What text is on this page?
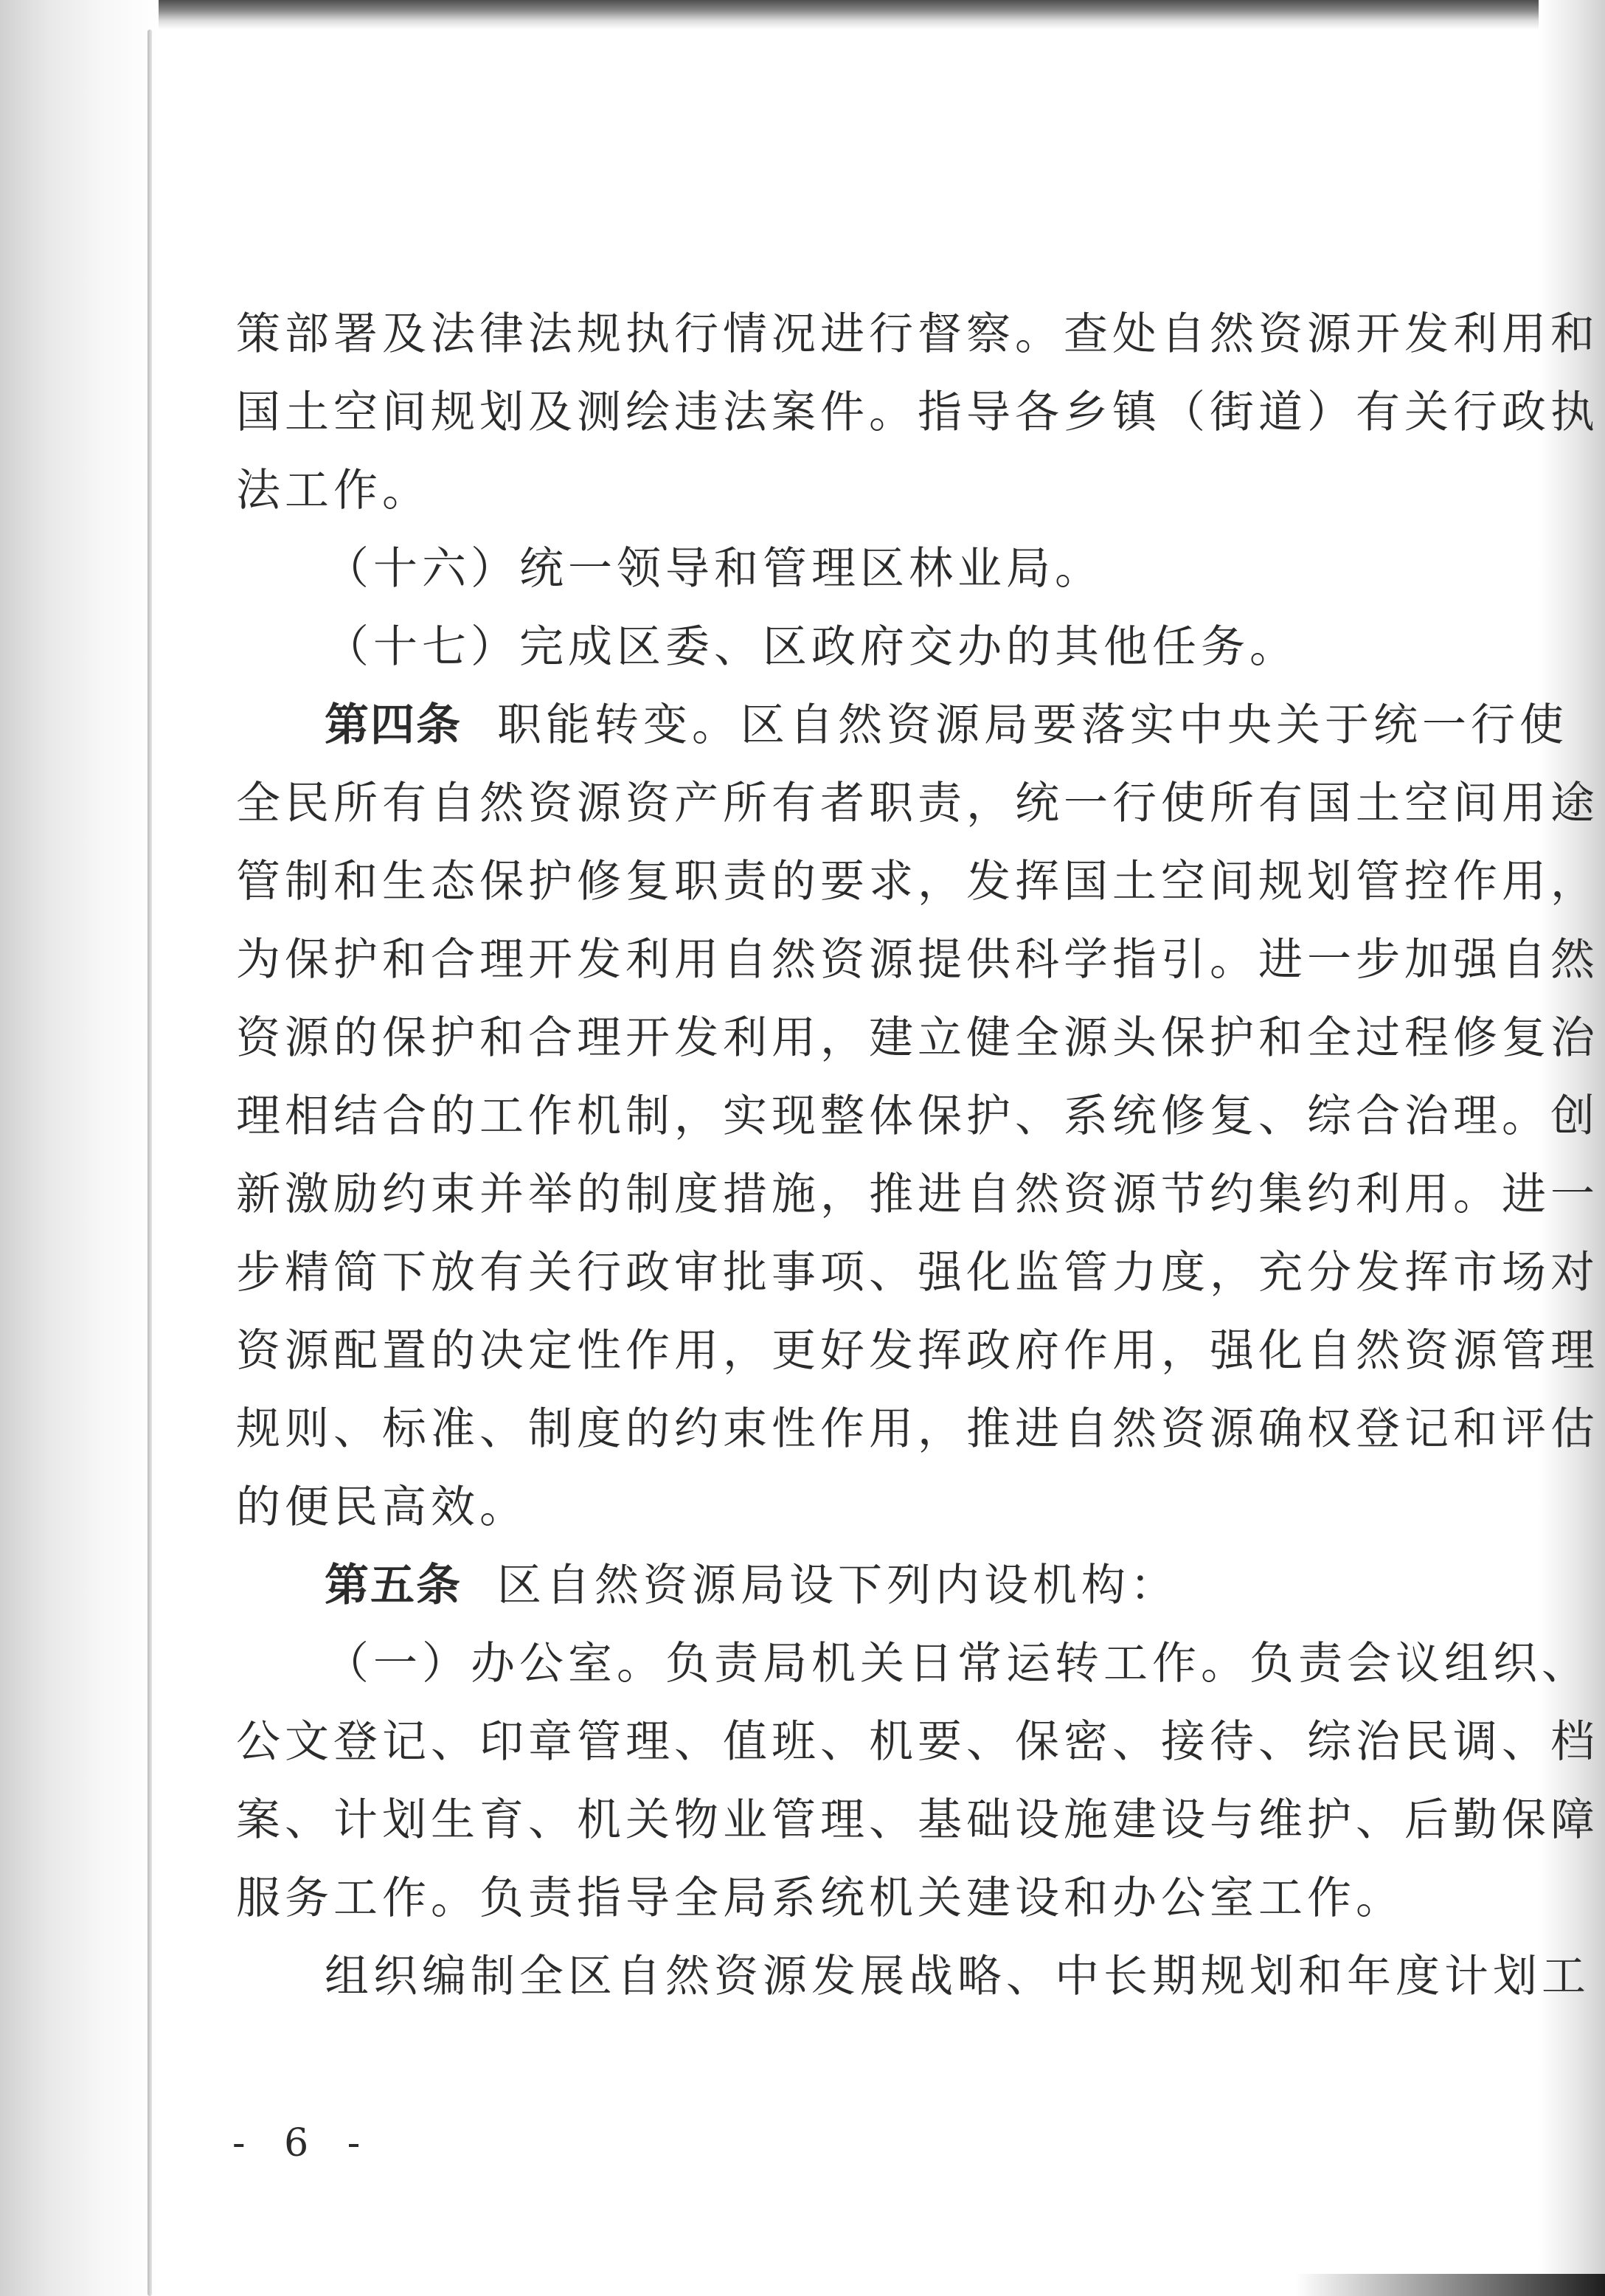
策部署及法律法规执行情况进行督察。查处自然资源开发利用和
国土空间规划及测绘违法案件。指导各乡镇（街道）有关行政执
法工作。
（十六）统一领导和管理区林业局。
（十七）完成区委、区政府交办的其他任务。
第四条 职能转变。区自然资源局要落实中央关于统一行使
全民所有自然资源资产所有者职责，统一行使所有国土空间用途
管制和生态保护修复职责的要求，发挥国土空间规划管控作用，
为保护和合理开发利用自然资源提供科学指引。进一步加强自然
资源的保护和合理开发利用，建立健全源头保护和全过程修复治
理相结合的工作机制，实现整体保护、系统修复、综合治理。创
新激励约束并举的制度措施，推进自然资源节约集约利用。进一
步精简下放有关行政审批事项、强化监管力度，充分发挥市场对
资源配置的决定性作用，更好发挥政府作用，强化自然资源管理
规则、标准、制度的约束性作用，推进自然资源确权登记和评估
的便民高效。
第五条 区自然资源局设下列内设机构：
（一）办公室。负责局机关日常运转工作。负责会议组织、
公文登记、印章管理、值班、机要、保密、接待、综治民调、档
案、计划生育、机关物业管理、基础设施建设与维护、后勤保障
服务工作。负责指导全局系统机关建设和办公室工作。
组织编制全区自然资源发展战略、中长期规划和年度计划工
- 6 -
